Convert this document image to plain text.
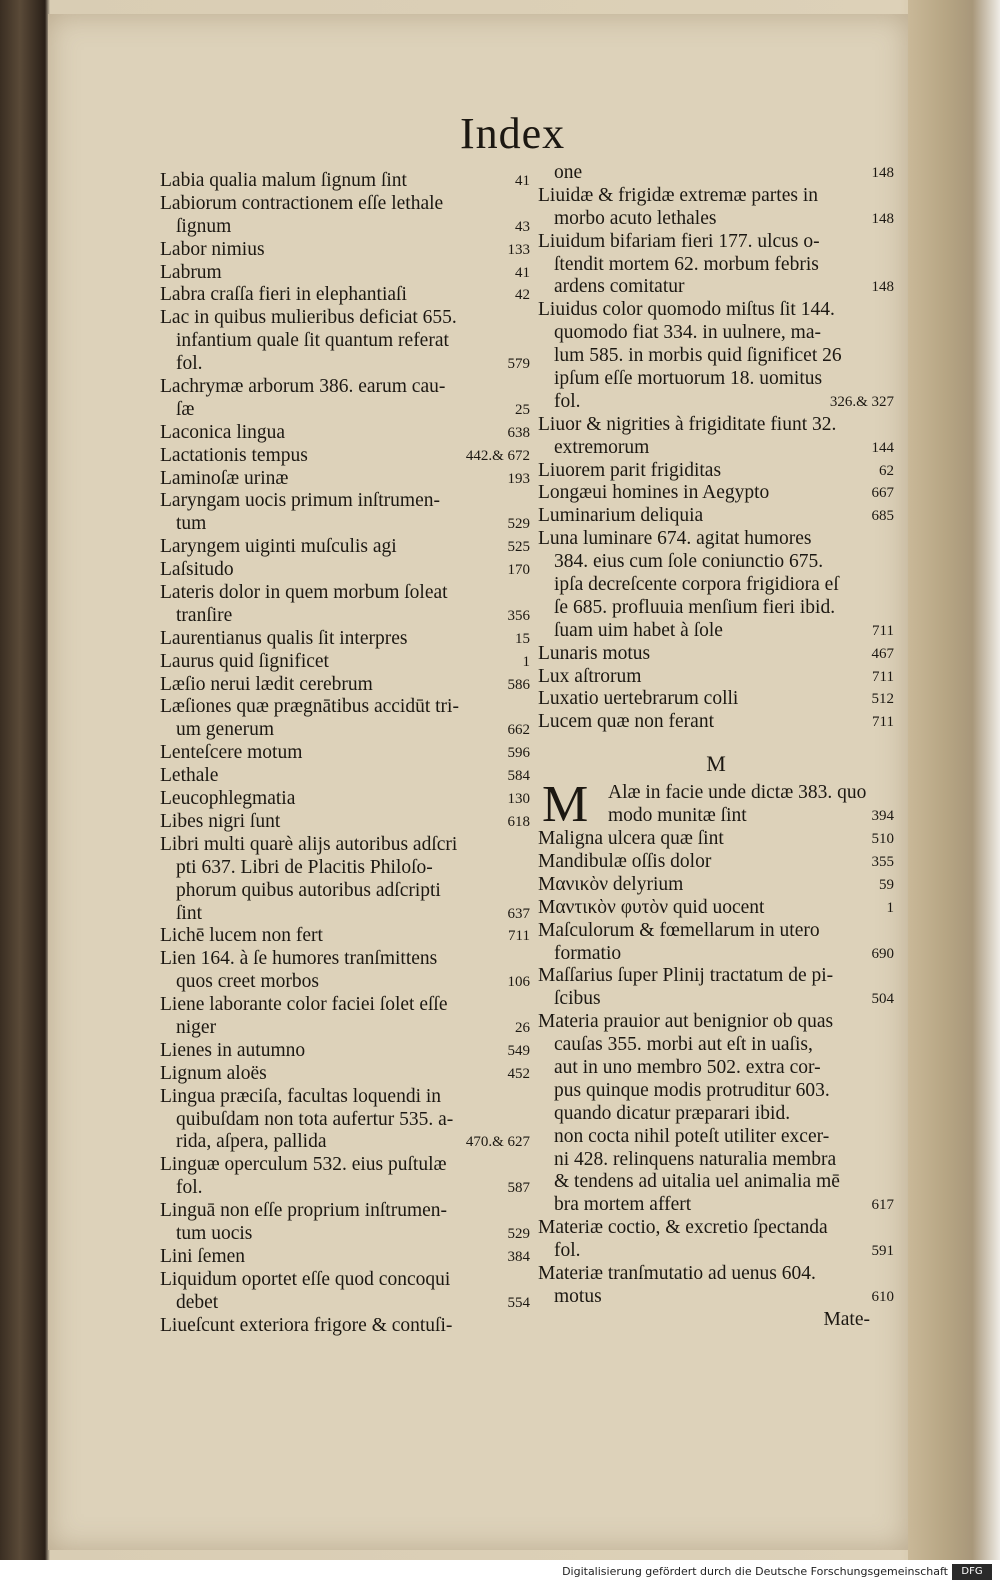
Index
Labia qualia malum ſignum ſint	41
Labiorum contractionem eſſe lethale
ſignum	43
Labor nimius	133
Labrum	41
Labra craſſa fieri in elephantiaſi	42
Lac in quibus mulieribus deficiat 655.
infantium quale ſit quantum referat
fol.	579
Lachrymæ arborum 386. earum cau-
ſæ	25
Laconica lingua	638
Lactationis tempus	442.& 672
Laminoſæ urinæ	193
Laryngam uocis primum inſtrumen-
tum	529
Laryngem uiginti muſculis agi	525
Laſsitudo	170
Lateris dolor in quem morbum ſoleat
tranſire	356
Laurentianus qualis ſit interpres	15
Laurus quid ſignificet	1
Læſio nerui lædit cerebrum	586
Læſiones quæ prægnātibus accidūt tri-
um generum	662
Lenteſcere motum	596
Lethale	584
Leucophlegmatia	130
Libes nigri ſunt	618
Libri multi quarè alijs autoribus adſcri
pti 637. Libri de Placitis Philoſo-
phorum quibus autoribus adſcripti
ſint	637
Lichē lucem non fert	711
Lien 164. à ſe humores tranſmittens
quos creet morbos	106
Liene laborante color faciei ſolet eſſe
niger	26
Lienes in autumno	549
Lignum aloës	452
Lingua præciſa, facultas loquendi in
quibuſdam non tota aufertur 535. a-
rida, aſpera, pallida	470.& 627
Linguæ operculum 532. eius puſtulæ
fol.	587
Linguā non eſſe proprium inſtrumen-
tum uocis	529
Lini ſemen	384
Liquidum oportet eſſe quod concoqui
debet	554
Liueſcunt exteriora frigore & contuſi-
one	148
Liuidæ & frigidæ extremæ partes in
morbo acuto lethales	148
Liuidum bifariam fieri 177. ulcus o-
ſtendit mortem 62. morbum febris
ardens comitatur	148
Liuidus color quomodo miſtus ſit 144.
quomodo fiat 334. in uulnere, ma-
lum 585. in morbis quid ſignificet 26
ipſum eſſe mortuorum 18. uomitus
fol.	326.& 327
Liuor & nigrities à frigiditate fiunt 32.
extremorum	144
Liuorem parit frigiditas	62
Longæui homines in Aegypto	667
Luminarium deliquia	685
Luna luminare 674. agitat humores
384. eius cum ſole coniunctio 675.
ipſa decreſcente corpora frigidiora eſ
ſe 685. profluuia menſium fieri ibid.
ſuam uim habet à ſole	711
Lunaris motus	467
Lux aſtrorum	711
Luxatio uertebrarum colli	512
Lucem quæ non ferant	711
M
M	Alæ in facie unde dictæ 383. quo
modo munitæ ſint	394
Maligna ulcera quæ ſint	510
Mandibulæ oſſis dolor	355
Μανικὸν delyrium	59
Μαντικὸν φυτὸν quid uocent	1
Maſculorum & fœmellarum in utero
formatio	690
Maſſarius ſuper Plinij tractatum de pi-
ſcibus	504
Materia prauior aut benignior ob quas
cauſas 355. morbi aut eſt in uaſis,
aut in uno membro 502. extra cor-
pus quinque modis protruditur 603.
quando dicatur præparari ibid.
non cocta nihil poteſt utiliter excer-
ni 428. relinquens naturalia membra
& tendens ad uitalia uel animalia mē
bra mortem affert	617
Materiæ coctio, & excretio ſpectanda
fol.	591
Materiæ tranſmutatio ad uenus 604.
motus	610
Mate-
Digitalisierung gefördert durch die Deutsche Forschungsgemeinschaft	DFG
